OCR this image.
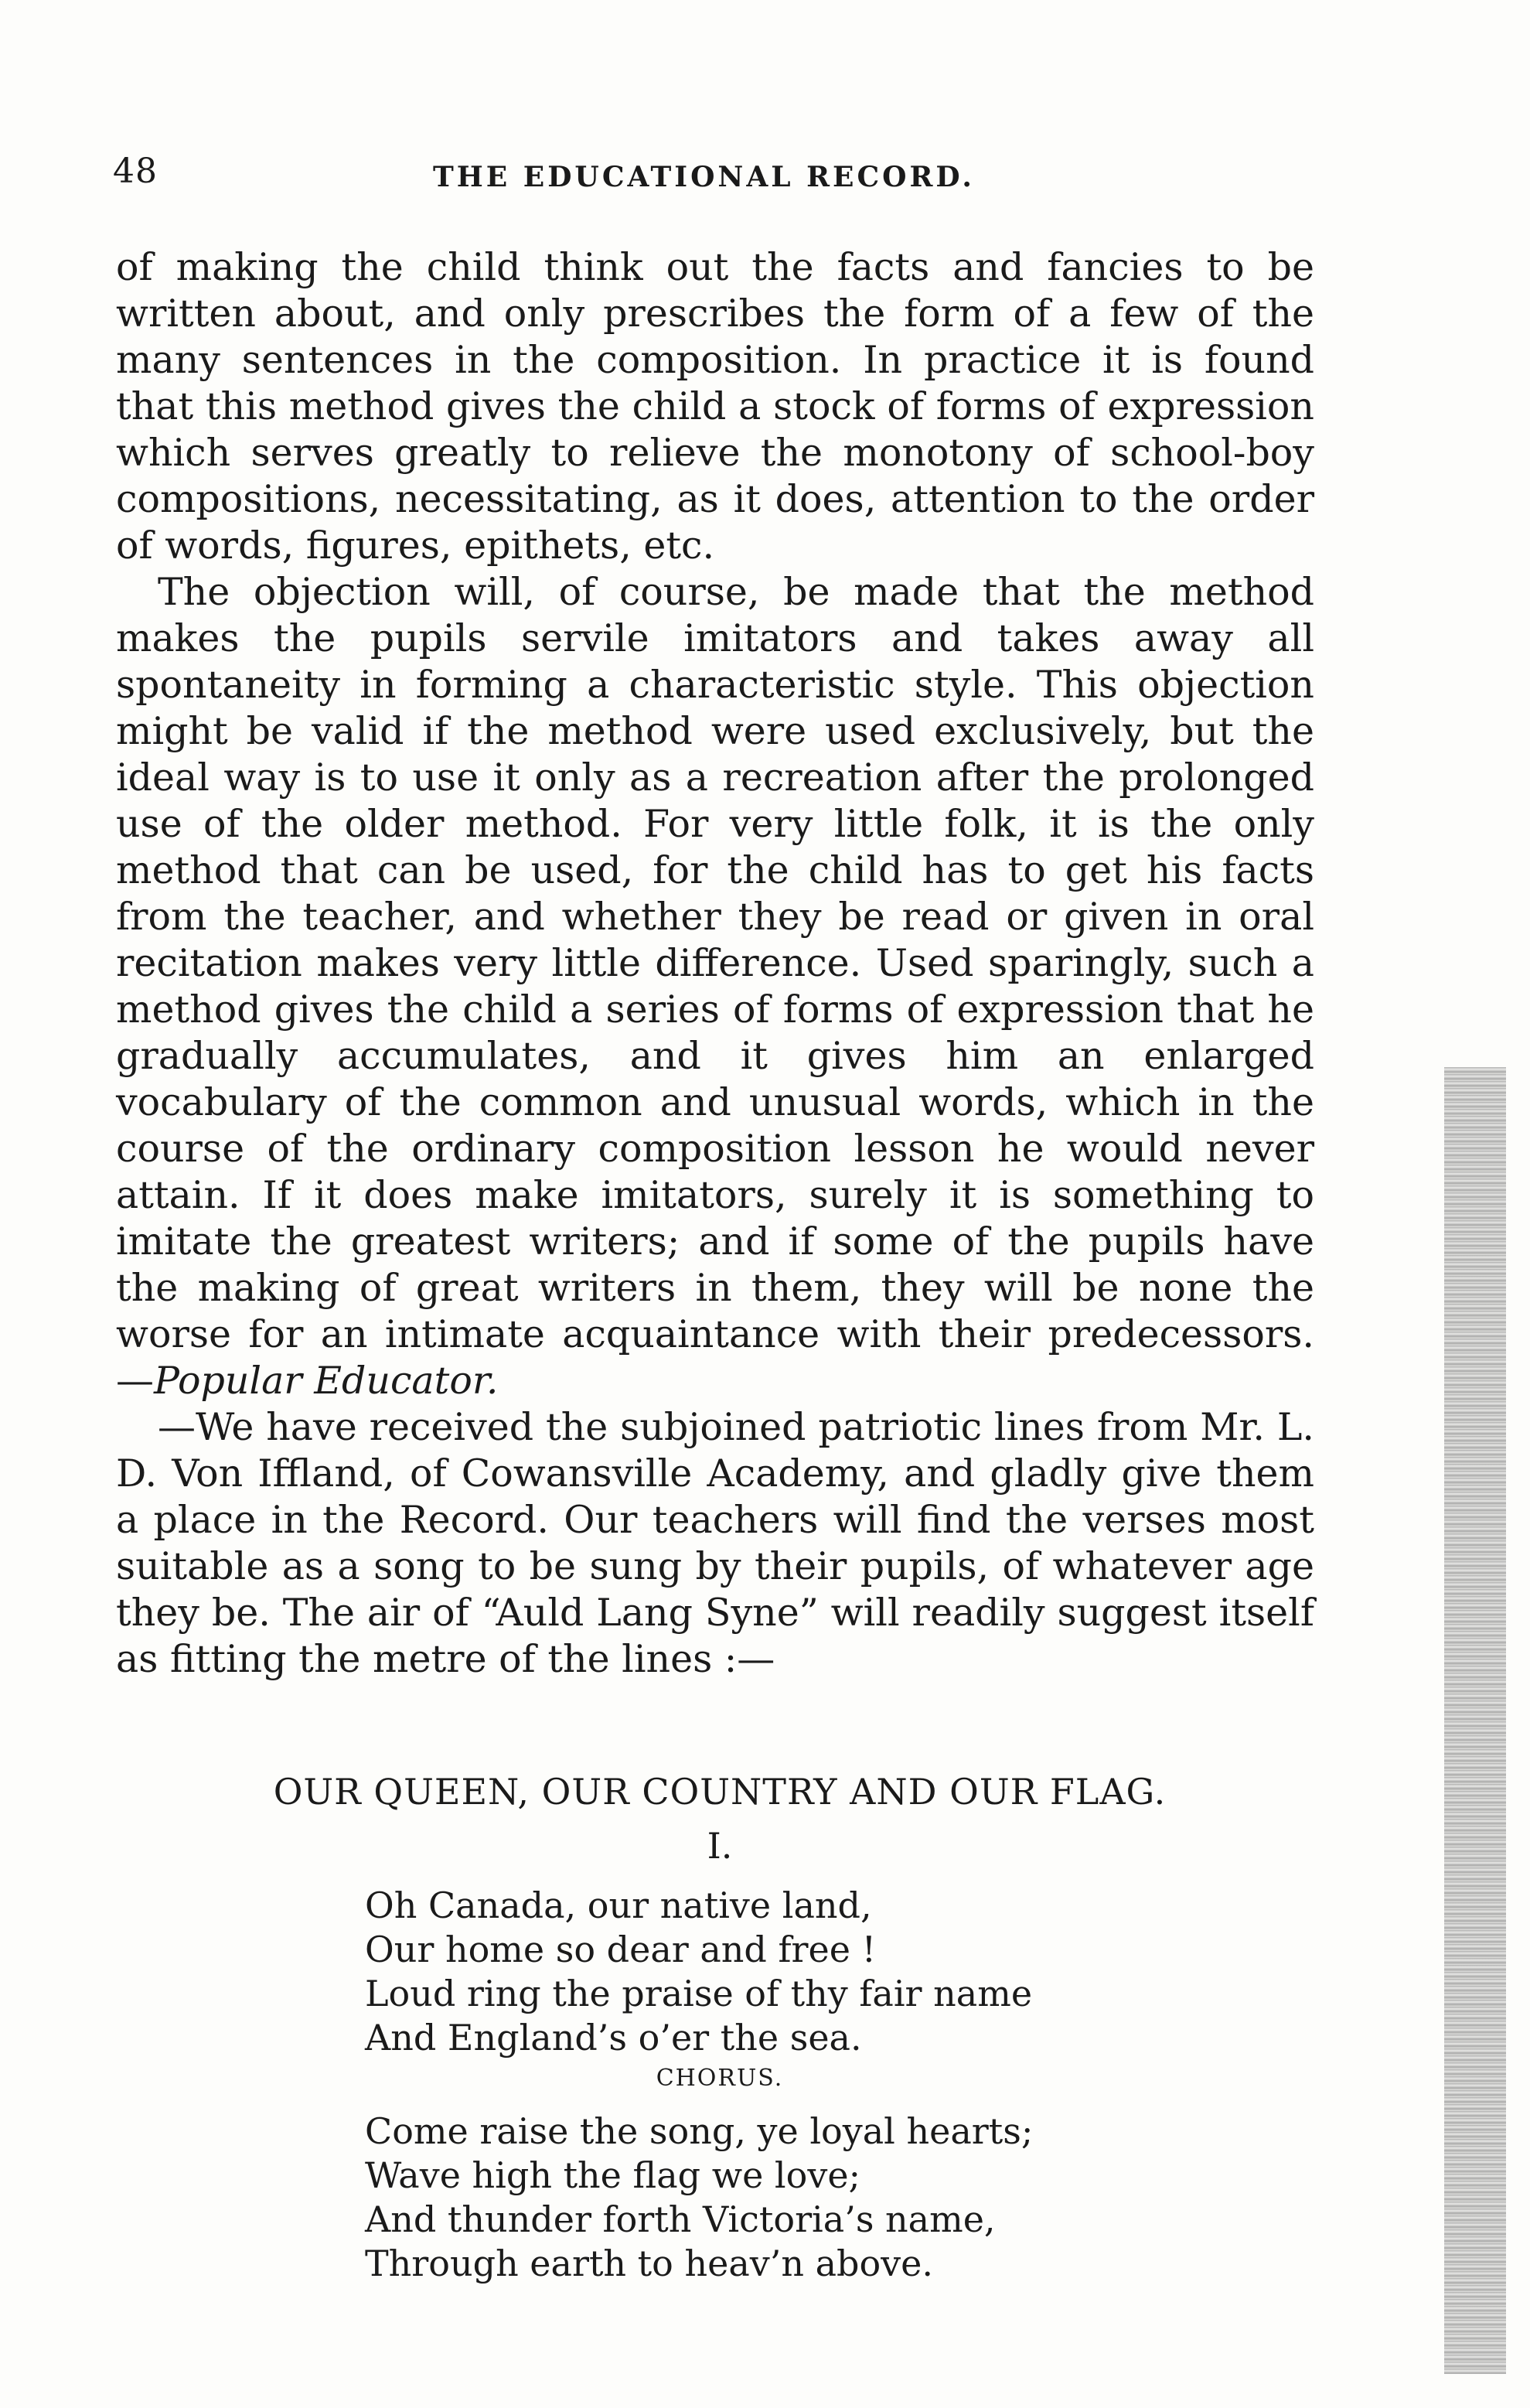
48	THE EDUCATIONAL RECORD.

of making the child think out the facts and fancies to be written about, and only prescribes the form of a few of the many sentences in the composition. In practice it is found that this method gives the child a stock of forms of expression which serves greatly to relieve the monotony of school-boy compositions, necessitating, as it does, attention to the order of words, figures, epithets, etc.

The objection will, of course, be made that the method makes the pupils servile imitators and takes away all spontaneity in forming a characteristic style. This objection might be valid if the method were used exclusively, but the ideal way is to use it only as a recreation after the prolonged use of the older method. For very little folk, it is the only method that can be used, for the child has to get his facts from the teacher, and whether they be read or given in oral recitation makes very little difference. Used sparingly, such a method gives the child a series of forms of expression that he gradually accumulates, and it gives him an enlarged vocabulary of the common and unusual words, which in the course of the ordinary composition lesson he would never attain. If it does make imitators, surely it is something to imitate the greatest writers; and if some of the pupils have the making of great writers in them, they will be none the worse for an intimate acquaintance with their predecessors.—Popular Educator.

—We have received the subjoined patriotic lines from Mr. L. D. Von Iffland, of Cowansville Academy, and gladly give them a place in the Record. Our teachers will find the verses most suitable as a song to be sung by their pupils, of whatever age they be. The air of “Auld Lang Syne” will readily suggest itself as fitting the metre of the lines :—

OUR QUEEN, OUR COUNTRY AND OUR FLAG.
I.
Oh Canada, our native land,
Our home so dear and free !
Loud ring the praise of thy fair name
And England’s o’er the sea.
CHORUS.
Come raise the song, ye loyal hearts;
Wave high the flag we love;
And thunder forth Victoria’s name,
Through earth to heav’n above.
